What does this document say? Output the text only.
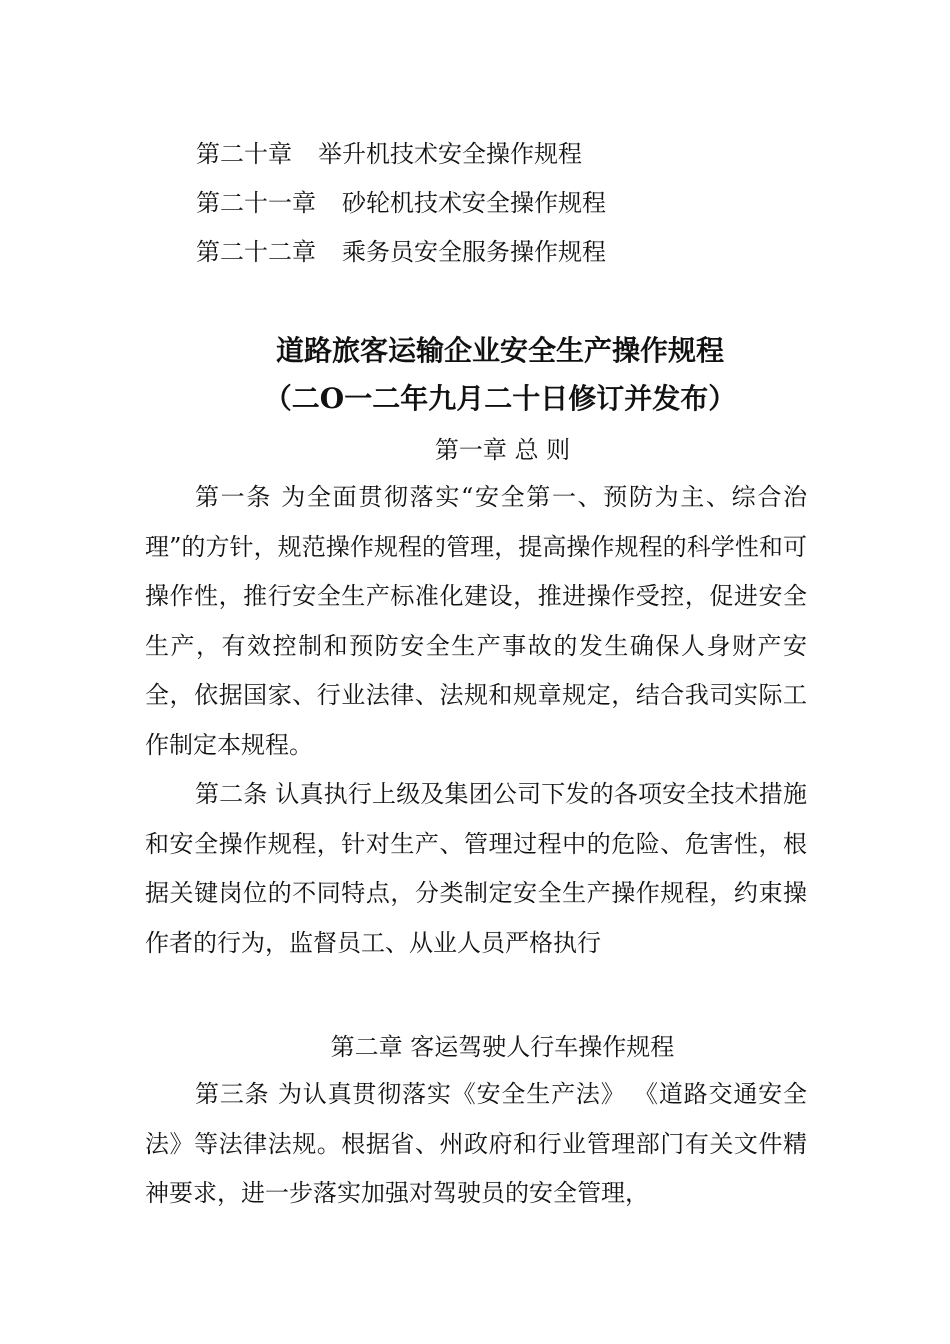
第二十章 举升机技术安全操作规程
第二十一章 砂轮机技术安全操作规程
第二十二章 乘务员安全服务操作规程
道路旅客运输企业安全生产操作规程
（二O一二年九月二十日修订并发布）
第一章 总 则

第一条 为全面贯彻落实“安全第一、预防为主、综合治理”的方针，规范操作规程的管理，提高操作规程的科学性和可操作性，推行安全生产标准化建设，推进操作受控，促进安全生产，有效控制和预防安全生产事故的发生确保人身财产安全，依据国家、行业法律、法规和规章规定，结合我司实际工作制定本规程。

第二条 认真执行上级及集团公司下发的各项安全技术措施和安全操作规程，针对生产、管理过程中的危险、危害性，根据关键岗位的不同特点，分类制定安全生产操作规程，约束操作者的行为，监督员工、从业人员严格执行

第二章 客运驾驶人行车操作规程

第三条 为认真贯彻落实《安全生产法》 《道路交通安全法》等法律法规。根据省、州政府和行业管理部门有关文件精神要求，进一步落实加强对驾驶员的安全管理，
